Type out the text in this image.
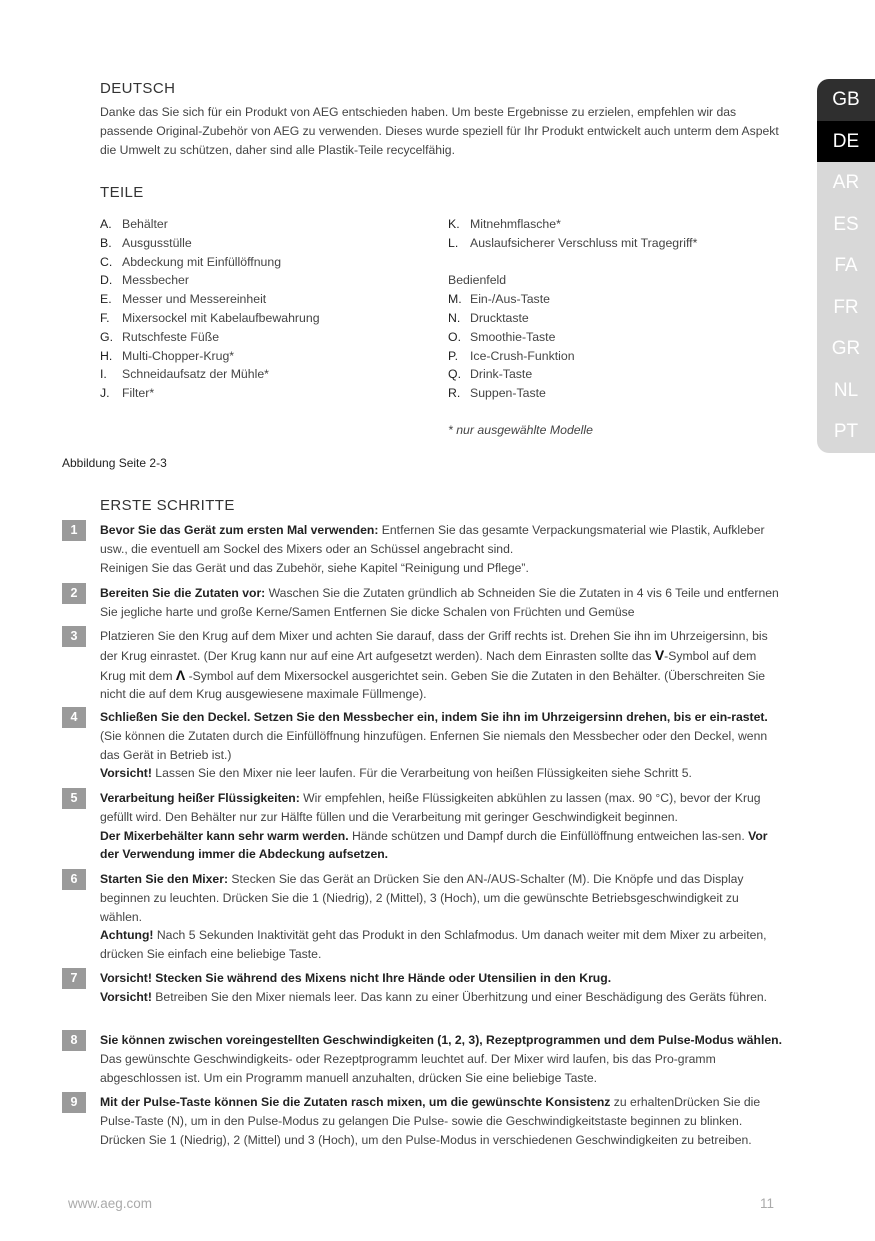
GB
DE
AR
ES
FA
FR
GR
NL
PT
DEUTSCH
Danke das Sie sich für ein Produkt von AEG entschieden haben. Um beste Ergebnisse zu erzielen, empfehlen wir das passende Original-Zubehör von AEG zu verwenden. Dieses wurde speziell für Ihr Produkt entwickelt auch unterm dem Aspekt die Umwelt zu schützen, daher sind alle Plastik-Teile recycelfähig.
TEILE
A .	Behälter
B .	Ausgusstülle
C .	Abdeckung mit Einfüllöffnung
D .	Messbecher
E .	Messer und Messereinheit
F .	Mixersockel mit Kabelaufbewahrung
G .	Rutschfeste Füße
H .	Multi-Chopper-Krug*
I .	Schneidaufsatz der Mühle*
J .	Filter*
K .	Mitnehmflasche*
L .	Auslaufsicherer Verschluss mit Tragegriff*
Bedienfeld
M . Ein-/Aus-Taste
N .	Drucktaste
O .	Smoothie-Taste
P .	Ice-Crush-Funktion
Q .	Drink-Taste
R .	Suppen-Taste
* nur ausgewählte Modelle
Abbildung Seite 2-3
ERSTE SCHRITTE
1	Bevor Sie das Gerät zum ersten Mal verwenden: Entfernen Sie das gesamte Verpackungsmaterial wie Plastik, Aufkleber usw., die eventuell am Sockel des Mixers oder an Schüssel angebracht sind.

Reinigen Sie das Gerät und das Zubehör, siehe Kapitel “Reinigung und Pflege”.

2	Bereiten Sie die Zutaten vor: Waschen Sie die Zutaten gründlich ab Schneiden Sie die Zutaten in 4 vis 6 Teile und entfernen Sie jegliche harte und große Kerne/Samen Entfernen Sie dicke Schalen von Früchten und Gemüse

3	Platzieren Sie den Krug auf dem Mixer und achten Sie darauf, dass der Griff rechts ist. Drehen Sie ihn im Uhrzeigersinn, bis der Krug einrastet. (Der Krug kann nur auf eine Art aufgesetzt werden). Nach dem Einrasten sollte das V-Symbol auf dem Krug mit dem Λ -Symbol auf dem Mixersockel ausgerichtet sein. Geben Sie die Zutaten in den Behälter. (Überschreiten Sie nicht die auf dem Krug ausgewiesene maximale Füllmenge).

4	Schließen Sie den Deckel. Setzen Sie den Messbecher ein, indem Sie ihn im Uhrzeigersinn drehen, bis er ein-rastet. (Sie können die Zutaten durch die Einfüllöffnung hinzufügen. Enfernen Sie niemals den Messbecher oder den Deckel, wenn das Gerät in Betrieb ist.)

Vorsicht! Lassen Sie den Mixer nie leer laufen. Für die Verarbeitung von heißen Flüssigkeiten siehe Schritt 5.

5	Verarbeitung heißer Flüssigkeiten: Wir empfehlen, heiße Flüssigkeiten abkühlen zu lassen (max. 90 °C), bevor der Krug gefüllt wird. Den Behälter nur zur Hälfte füllen und die Verarbeitung mit geringer Geschwindigkeit beginnen.

Der Mixerbehälter kann sehr warm werden. Hände schützen und Dampf durch die Einfüllöffnung entweichen las-sen. Vor der Verwendung immer die Abdeckung aufsetzen.

6	Starten Sie den Mixer: Stecken Sie das Gerät an Drücken Sie den AN-/AUS-Schalter (M). Die Knöpfe und das Display beginnen zu leuchten. Drücken Sie die 1 (Niedrig), 2 (Mittel), 3 (Hoch), um die gewünschte Betriebsgeschwindigkeit zu wählen.

Achtung! Nach 5 Sekunden Inaktivität geht das Produkt in den Schlafmodus. Um danach weiter mit dem Mixer zu arbeiten, drücken Sie einfach eine beliebige Taste.

7	Vorsicht! Stecken Sie während des Mixens nicht Ihre Hände oder Utensilien in den Krug.

Vorsicht! Betreiben Sie den Mixer niemals leer. Das kann zu einer Überhitzung und einer Beschädigung des Geräts führen.

8	Sie können zwischen voreingestellten Geschwindigkeiten (1, 2, 3), Rezeptprogrammen und dem Pulse-Modus wählen. Das gewünschte Geschwindigkeits- oder Rezeptprogramm leuchtet auf. Der Mixer wird laufen, bis das Pro-gramm abgeschlossen ist. Um ein Programm manuell anzuhalten, drücken Sie eine beliebige Taste.

9	Mit der Pulse-Taste können Sie die Zutaten rasch mixen, um die gewünschte Konsistenz zu erhaltenDrücken Sie die Pulse-Taste (N), um in den Pulse-Modus zu gelangen Die Pulse- sowie die Geschwindigkeitstaste beginnen zu blinken. Drücken Sie 1 (Niedrig), 2 (Mittel) und 3 (Hoch), um den Pulse-Modus in verschiedenen Geschwindigkeiten zu betreiben.

www.aeg.com	11
